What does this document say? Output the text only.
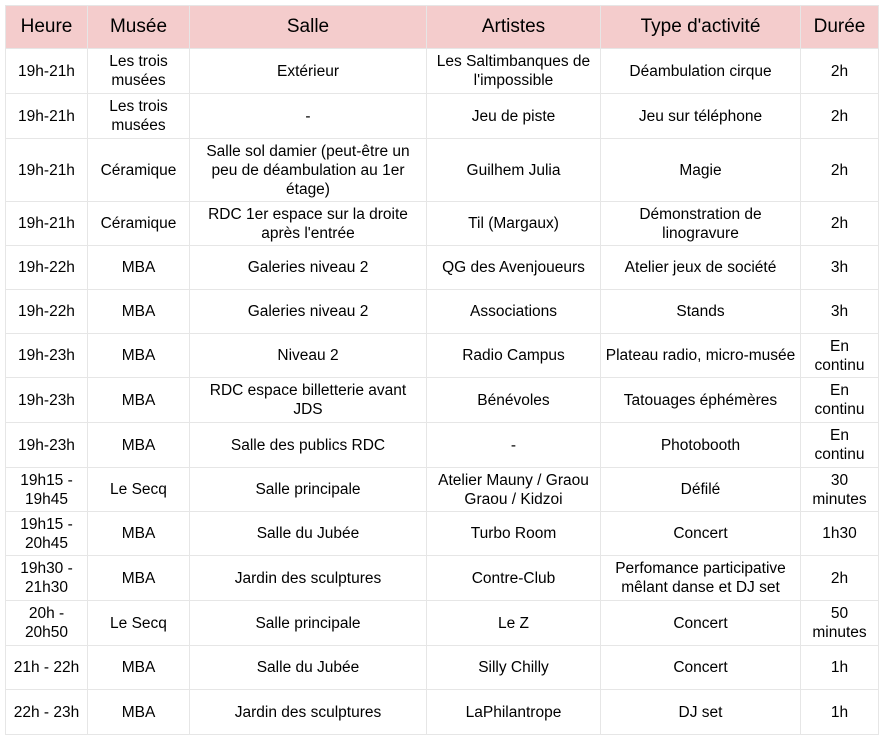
Heure	Musée	Salle	Artistes	Type d'activité	Durée
19h-21h	Les trois musées	Extérieur	Les Saltimbanques de l'impossible	Déambulation cirque	2h
19h-21h	Les trois musées	-	Jeu de piste	Jeu sur téléphone	2h
19h-21h	Céramique	Salle sol damier (peut-être un peu de déambulation au 1er étage)	Guilhem Julia	Magie	2h
19h-21h	Céramique	RDC 1er espace sur la droite après l'entrée	Til (Margaux)	Démonstration de linogravure	2h
19h-22h	MBA	Galeries niveau 2	QG des Avenjoueurs	Atelier jeux de société	3h
19h-22h	MBA	Galeries niveau 2	Associations	Stands	3h
19h-23h	MBA	Niveau 2	Radio Campus	Plateau radio, micro-musée	En continu
19h-23h	MBA	RDC espace billetterie avant JDS	Bénévoles	Tatouages éphémères	En continu
19h-23h	MBA	Salle des publics RDC	-	Photobooth	En continu
19h15 - 19h45	Le Secq	Salle principale	Atelier Mauny / Graou Graou / Kidzoi	Défilé	30 minutes
19h15 - 20h45	MBA	Salle du Jubée	Turbo Room	Concert	1h30
19h30 - 21h30	MBA	Jardin des sculptures	Contre-Club	Perfomance participative mêlant danse et DJ set	2h
20h - 20h50	Le Secq	Salle principale	Le Z	Concert	50 minutes
21h - 22h	MBA	Salle du Jubée	Silly Chilly	Concert	1h
22h - 23h	MBA	Jardin des sculptures	LaPhilantrope	DJ set	1h
